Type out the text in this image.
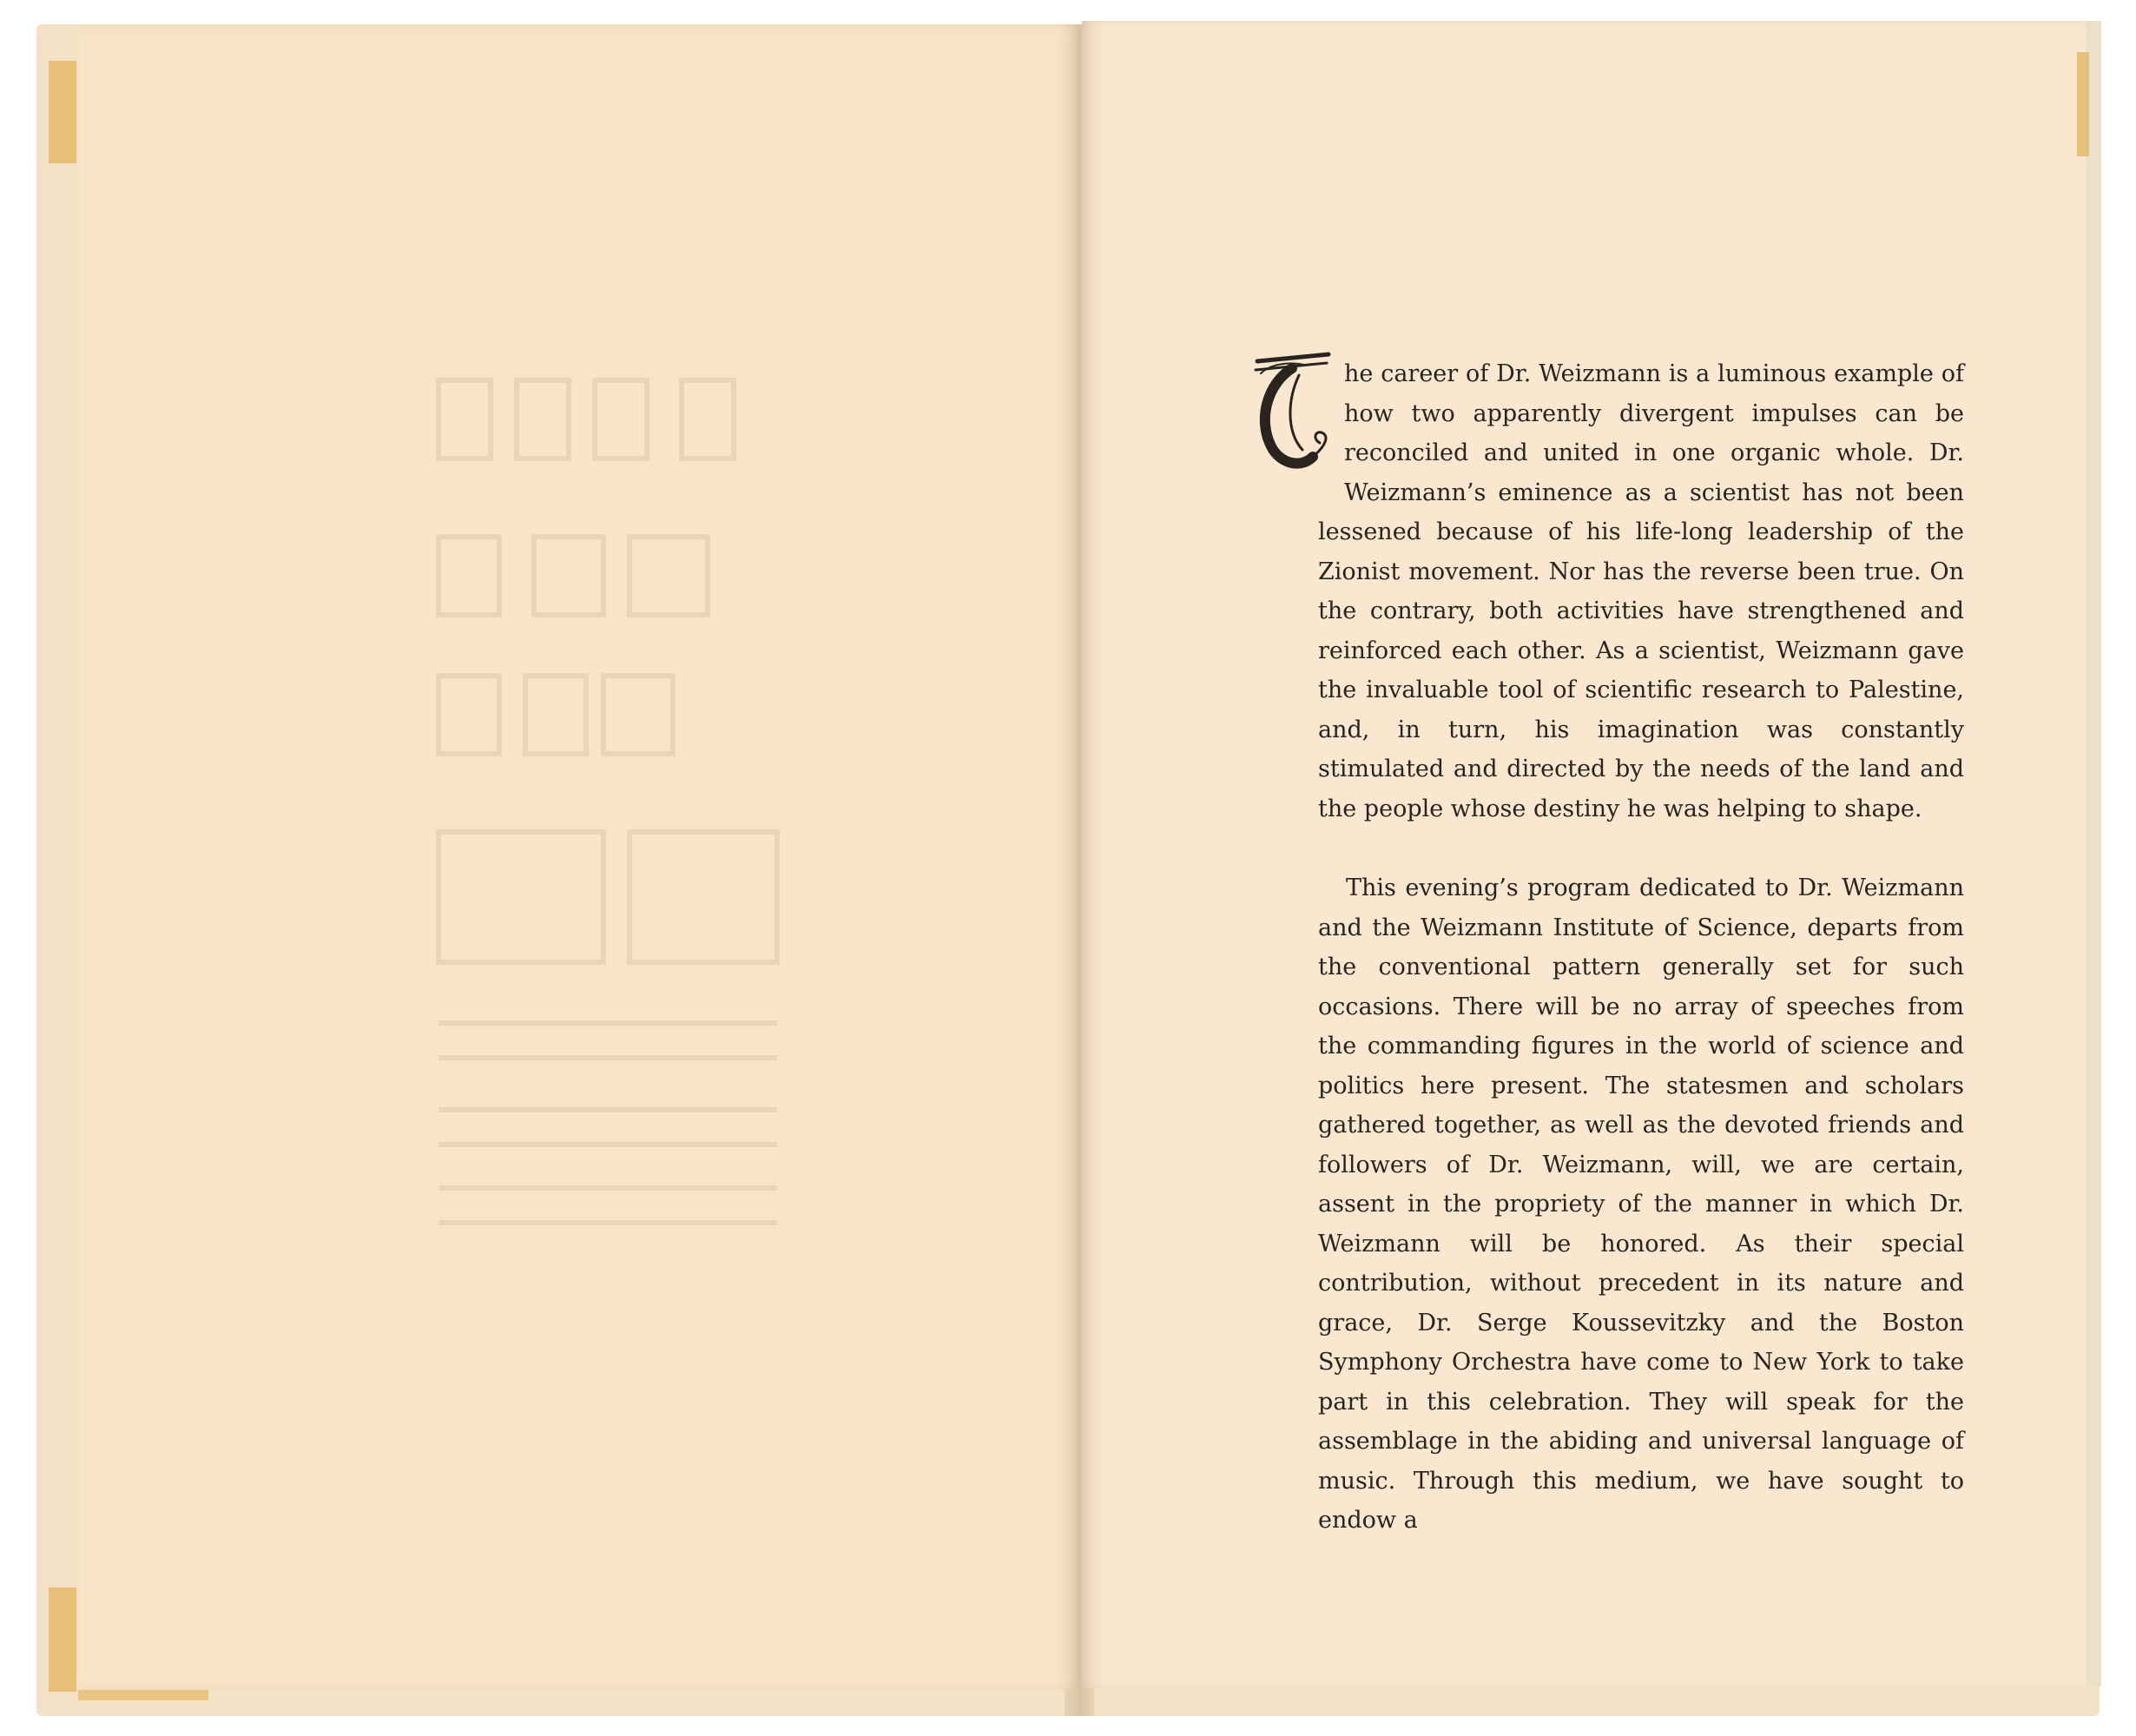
he career of Dr. Weizmann is a luminous example of how two apparently divergent impulses can be reconciled and united in one organic whole. Dr. Weizmann’s eminence as a scientist has not been lessened because of his life-long leadership of the Zionist movement. Nor has the reverse been true. On the contrary, both activities have strengthened and reinforced each other. As a scientist, Weizmann gave the invaluable tool of scientific research to Palestine, and, in turn, his imagination was constantly stimulated and directed by the needs of the land and the people whose destiny he was helping to shape.

This evening’s program dedicated to Dr. Weizmann and the Weizmann Institute of Science, departs from the conventional pattern generally set for such occasions. There will be no array of speeches from the commanding figures in the world of science and politics here present. The statesmen and scholars gathered together, as well as the devoted friends and followers of Dr. Weizmann, will, we are certain, assent in the propriety of the manner in which Dr. Weizmann will be honored. As their special contribution, without precedent in its nature and grace, Dr. Serge Koussevitzky and the Boston Symphony Orchestra have come to New York to take part in this celebration. They will speak for the assemblage in the abiding and universal language of music. Through this medium, we have sought to endow a
